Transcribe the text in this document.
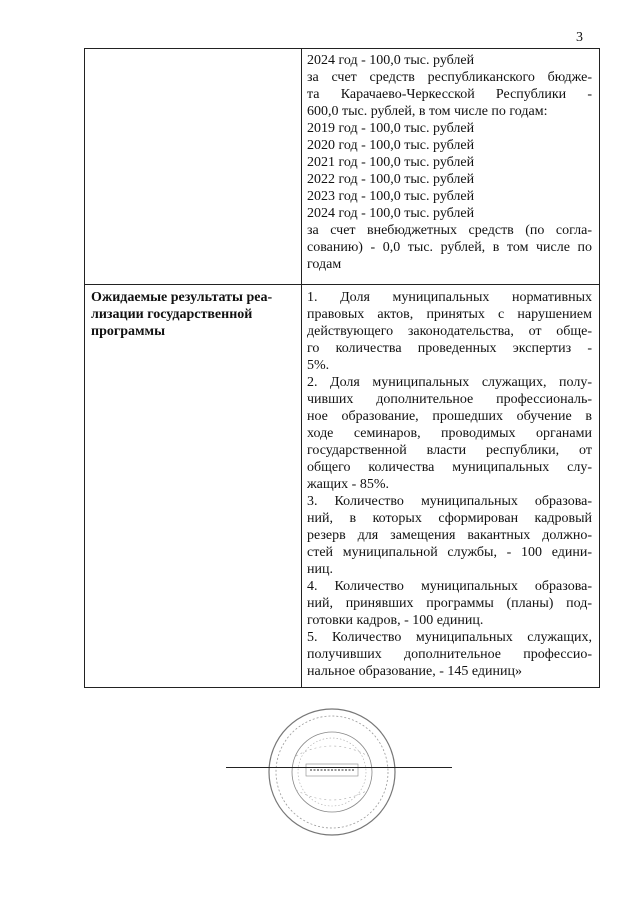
3
2024 год - 100,0 тыс. рублей
за счет средств республиканского бюдже-
та Карачаево-Черкесской Республики -
600,0 тыс. рублей, в том числе по годам:
2019 год - 100,0 тыс. рублей
2020 год - 100,0 тыс. рублей
2021 год - 100,0 тыс. рублей
2022 год - 100,0 тыс. рублей
2023 год - 100,0 тыс. рублей
2024 год - 100,0 тыс. рублей
за счет внебюджетных средств (по согла-
сованию) - 0,0 тыс. рублей, в том числе по
годам
Ожидаемые результаты реа-
лизации государственной
программы
1. Доля муниципальных нормативных
правовых актов, принятых с нарушением
действующего законодательства, от обще-
го количества проведенных экспертиз -
5%.
2. Доля муниципальных служащих, полу-
чивших дополнительное профессиональ-
ное образование, прошедших обучение в
ходе семинаров, проводимых органами
государственной власти республики, от
общего количества муниципальных слу-
жащих - 85%.
3. Количество муниципальных образова-
ний, в которых сформирован кадровый
резерв для замещения вакантных должно-
стей муниципальной службы, - 100 едини-
ниц.
4. Количество муниципальных образова-
ний, принявших программы (планы) под-
готовки кадров, - 100 единиц.
5. Количество муниципальных служащих,
получивших дополнительное профессио-
нальное образование, - 145 единиц»
